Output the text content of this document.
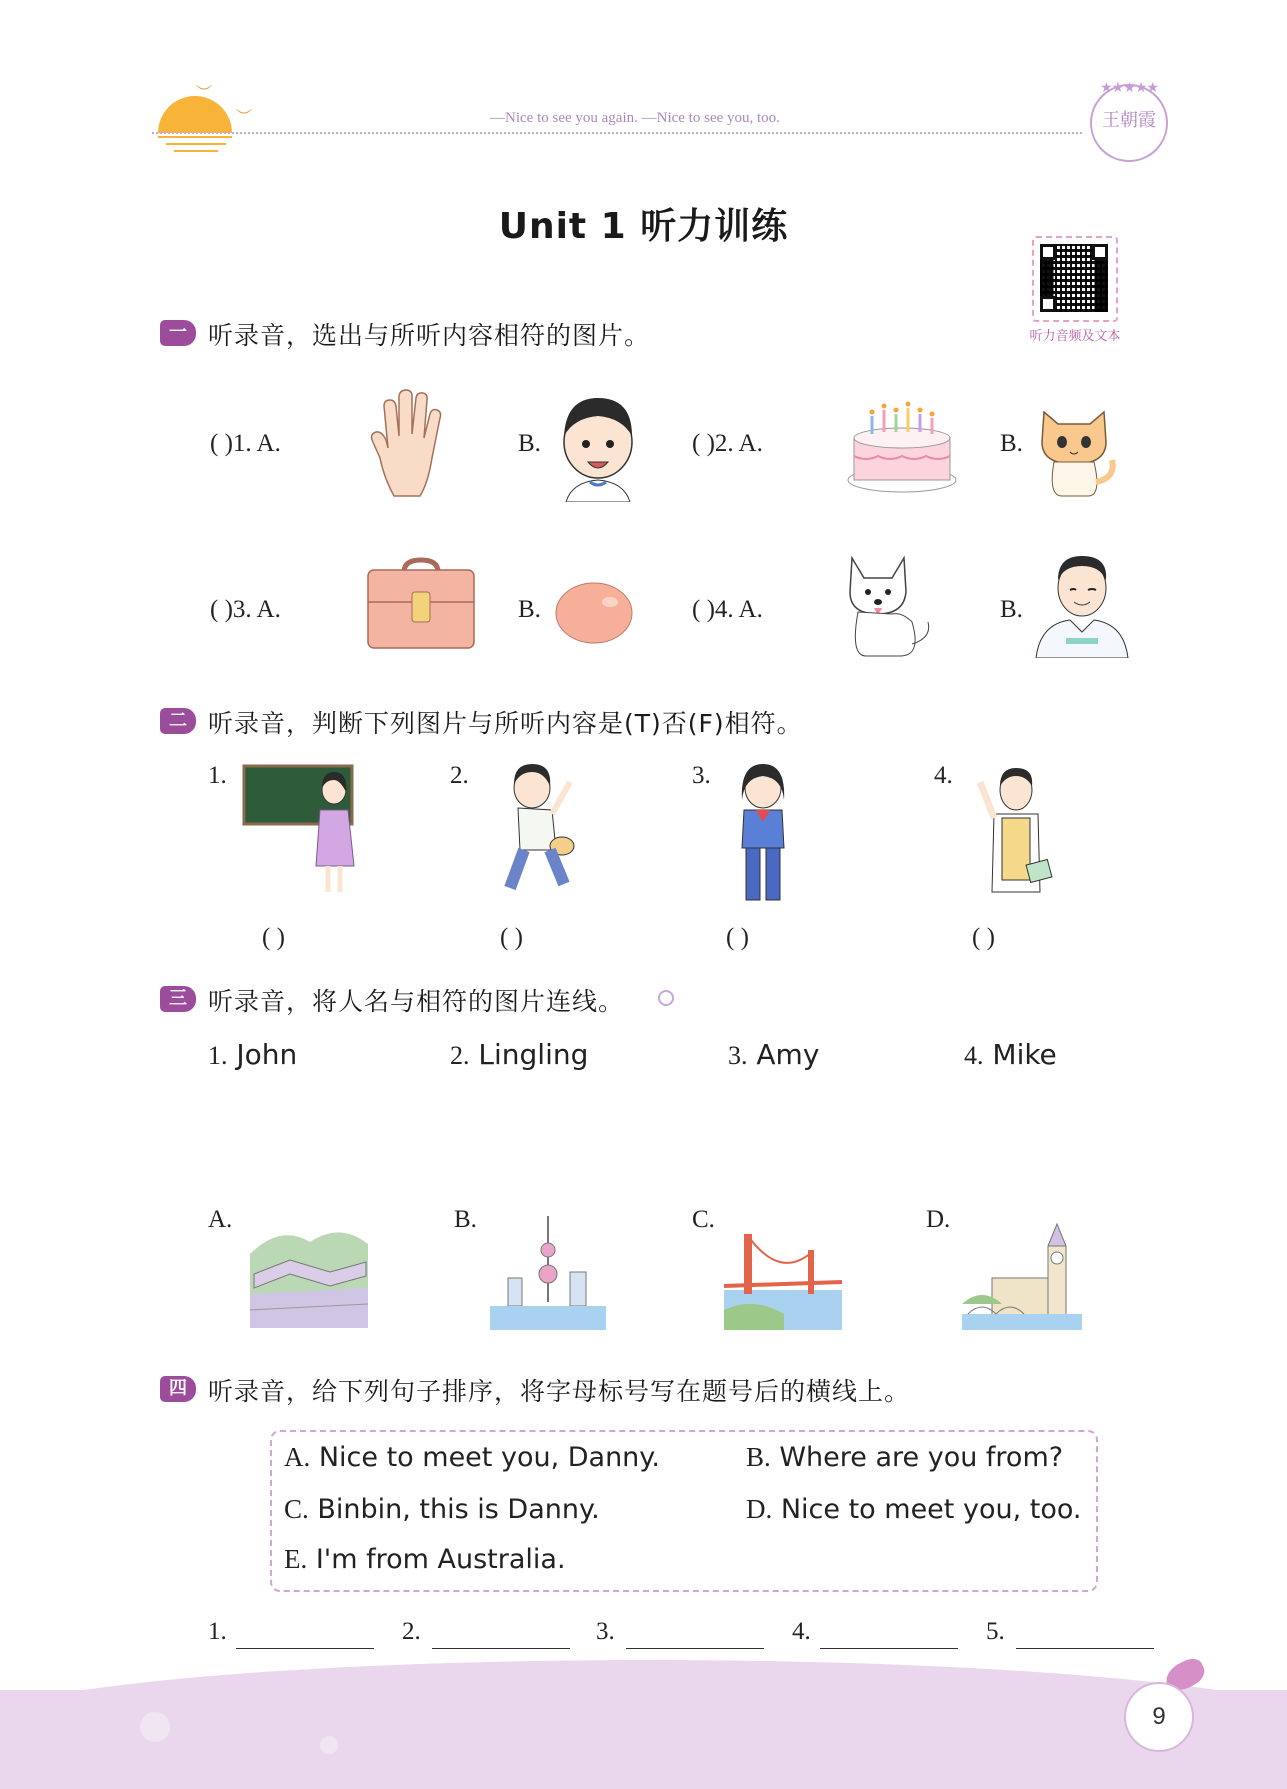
︶
︶	—Nice to see you again. —Nice to see you, too.
★★★★★
王朝霞
Unit 1 听力训练
听力音频及文本
一 听录音，选出与所听内容相符的图片。
( )1. A.	B.	( )2. A.	B.
( )3. A.	B.	( )4. A.	B.
二 听录音，判断下列图片与所听内容是(T)否(F)相符。
1.
( )
2.
( )
3.
( )
4.
( )
三 听录音，将人名与相符的图片连线。
1. John	2. Lingling	3. Amy	4. Mike
A.	B.	C.	D.
四 听录音，给下列句子排序，将字母标号写在题号后的横线上。
A. Nice to meet you, Danny.	B. Where are you from?
C. Binbin, this is Danny.	D. Nice to meet you, too.
E. I'm from Australia.
1.	2.	3.	4.	5.
9
